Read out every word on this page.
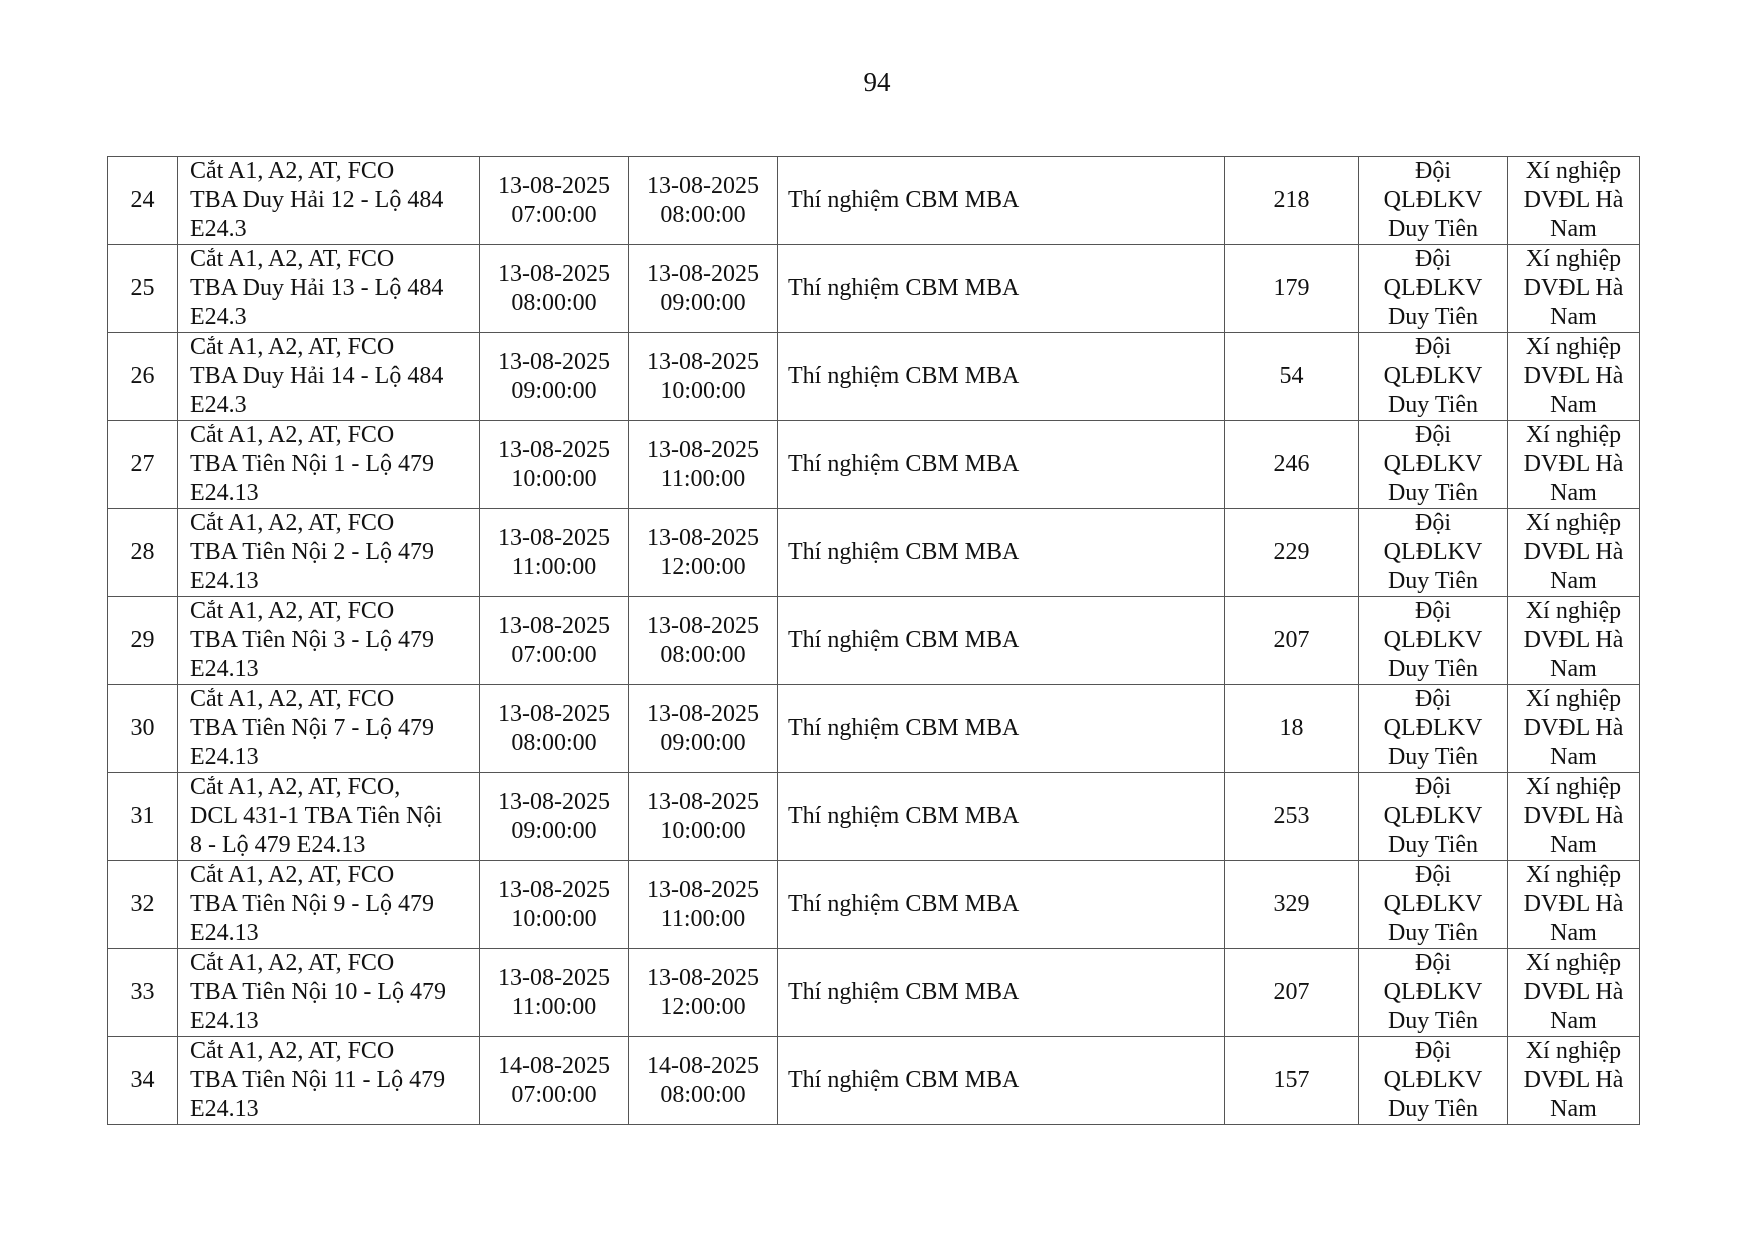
94
24	Cắt A1, A2, AT, FCO
TBA Duy Hải 12 - Lộ 484
E24.3	13-08-2025
07:00:00	13-08-2025
08:00:00	Thí nghiệm CBM MBA	218	Đội
QLĐLKV
Duy Tiên	Xí nghiệp
DVĐL Hà
Nam

25	Cắt A1, A2, AT, FCO
TBA Duy Hải 13 - Lộ 484
E24.3	13-08-2025
08:00:00	13-08-2025
09:00:00	Thí nghiệm CBM MBA	179	Đội
QLĐLKV
Duy Tiên	Xí nghiệp
DVĐL Hà
Nam

26	Cắt A1, A2, AT, FCO
TBA Duy Hải 14 - Lộ 484
E24.3	13-08-2025
09:00:00	13-08-2025
10:00:00	Thí nghiệm CBM MBA	54	Đội
QLĐLKV
Duy Tiên	Xí nghiệp
DVĐL Hà
Nam

27	Cắt A1, A2, AT, FCO
TBA Tiên Nội 1 - Lộ 479
E24.13	13-08-2025
10:00:00	13-08-2025
11:00:00	Thí nghiệm CBM MBA	246	Đội
QLĐLKV
Duy Tiên	Xí nghiệp
DVĐL Hà
Nam

28	Cắt A1, A2, AT, FCO
TBA Tiên Nội 2 - Lộ 479
E24.13	13-08-2025
11:00:00	13-08-2025
12:00:00	Thí nghiệm CBM MBA	229	Đội
QLĐLKV
Duy Tiên	Xí nghiệp
DVĐL Hà
Nam

29	Cắt A1, A2, AT, FCO
TBA Tiên Nội 3 - Lộ 479
E24.13	13-08-2025
07:00:00	13-08-2025
08:00:00	Thí nghiệm CBM MBA	207	Đội
QLĐLKV
Duy Tiên	Xí nghiệp
DVĐL Hà
Nam

30	Cắt A1, A2, AT, FCO
TBA Tiên Nội 7 - Lộ 479
E24.13	13-08-2025
08:00:00	13-08-2025
09:00:00	Thí nghiệm CBM MBA	18	Đội
QLĐLKV
Duy Tiên	Xí nghiệp
DVĐL Hà
Nam

31	Cắt A1, A2, AT, FCO,
DCL 431-1 TBA Tiên Nội
8 - Lộ 479 E24.13	13-08-2025
09:00:00	13-08-2025
10:00:00	Thí nghiệm CBM MBA	253	Đội
QLĐLKV
Duy Tiên	Xí nghiệp
DVĐL Hà
Nam

32	Cắt A1, A2, AT, FCO
TBA Tiên Nội 9 - Lộ 479
E24.13	13-08-2025
10:00:00	13-08-2025
11:00:00	Thí nghiệm CBM MBA	329	Đội
QLĐLKV
Duy Tiên	Xí nghiệp
DVĐL Hà
Nam

33	Cắt A1, A2, AT, FCO
TBA Tiên Nội 10 - Lộ 479
E24.13	13-08-2025
11:00:00	13-08-2025
12:00:00	Thí nghiệm CBM MBA	207	Đội
QLĐLKV
Duy Tiên	Xí nghiệp
DVĐL Hà
Nam

34	Cắt A1, A2, AT, FCO
TBA Tiên Nội 11 - Lộ 479
E24.13	14-08-2025
07:00:00	14-08-2025
08:00:00	Thí nghiệm CBM MBA	157	Đội
QLĐLKV
Duy Tiên	Xí nghiệp
DVĐL Hà
Nam
